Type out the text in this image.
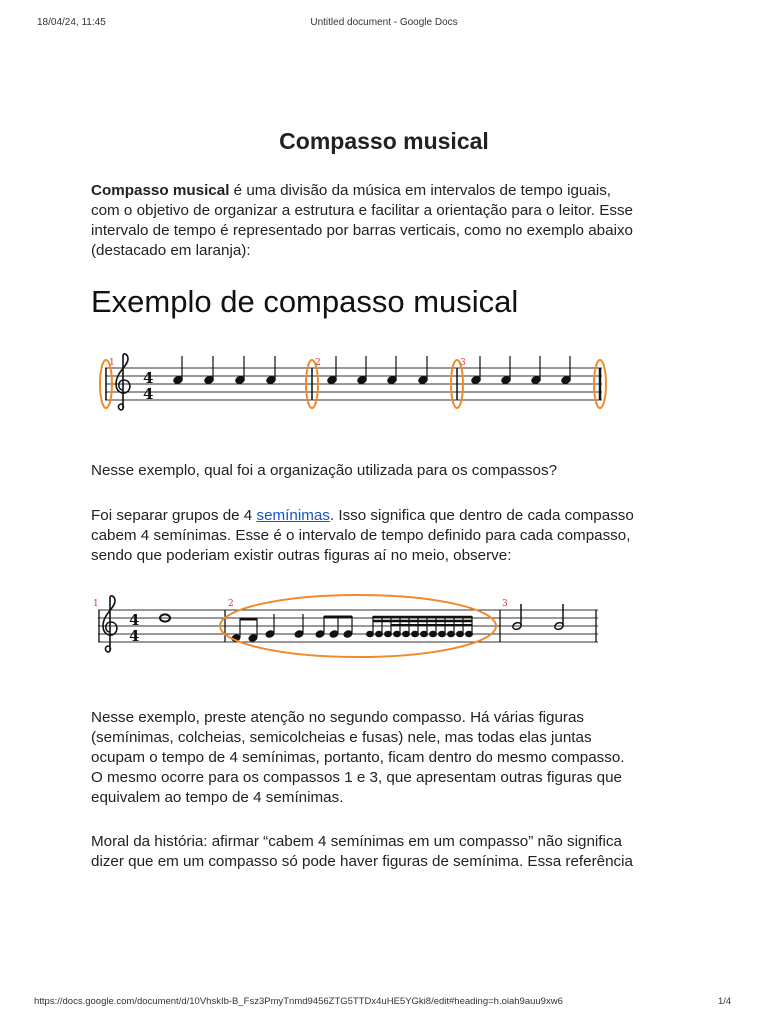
18/04/24, 11:45	Untitled document - Google Docs
Compasso musical
Compasso musical é uma divisão da música em intervalos de tempo iguais,
com o objetivo de organizar a estrutura e facilitar a orientação para o leitor. Esse
intervalo de tempo é representado por barras verticais, como no exemplo abaixo
(destacado em laranja):
Exemplo de compasso musical
1	2	3
4
4
Nesse exemplo, qual foi a organização utilizada para os compassos?
Foi separar grupos de 4 semínimas. Isso significa que dentro de cada compasso
cabem 4 semínimas. Esse é o intervalo de tempo definido para cada compasso,
sendo que poderiam existir outras figuras aí no meio, observe:
1	2	3
4
4
Nesse exemplo, preste atenção no segundo compasso. Há várias figuras
(semínimas, colcheias, semicolcheias e fusas) nele, mas todas elas juntas
ocupam o tempo de 4 semínimas, portanto, ficam dentro do mesmo compasso.
O mesmo ocorre para os compassos 1 e 3, que apresentam outras figuras que
equivalem ao tempo de 4 semínimas.
Moral da história: afirmar “cabem 4 semínimas em um compasso” não significa
dizer que em um compasso só pode haver figuras de semínima. Essa referência
https://docs.google.com/document/d/10VhskIb-B_Fsz3PmyTnmd9456ZTG5TTDx4uHE5YGki8/edit#heading=h.oiah9auu9xw6	1/4
